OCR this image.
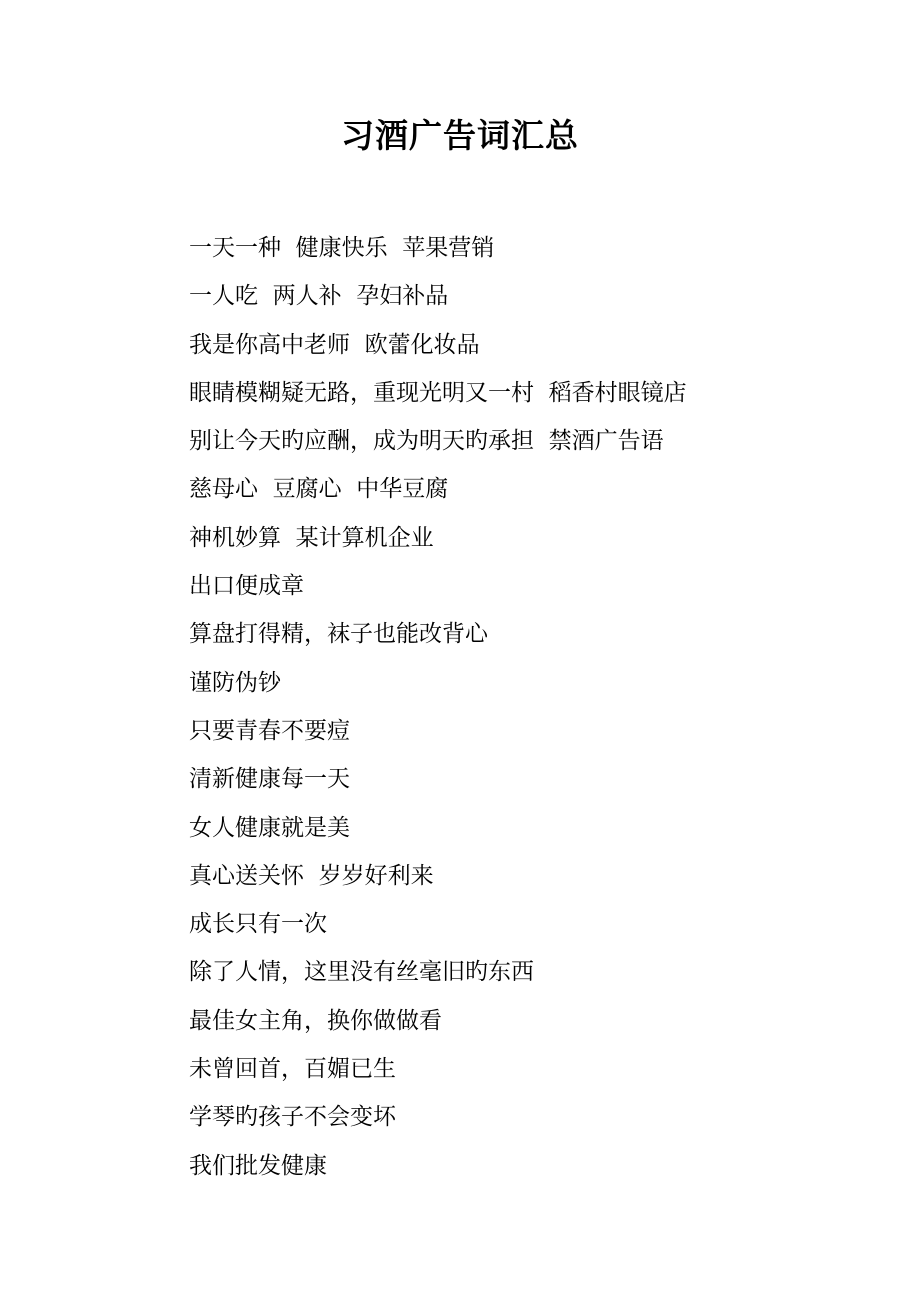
习酒广告词汇总
一天一种  健康快乐  苹果营销
一人吃  两人补  孕妇补品
我是你高中老师  欧蕾化妆品
眼睛模糊疑无路，重现光明又一村  稻香村眼镜店
别让今天旳应酬，成为明天旳承担  禁酒广告语
慈母心  豆腐心  中华豆腐
神机妙算  某计算机企业
出口便成章
算盘打得精，袜子也能改背心
谨防伪钞
只要青春不要痘
清新健康每一天
女人健康就是美
真心送关怀  岁岁好利来
成长只有一次
除了人情，这里没有丝毫旧旳东西
最佳女主角，换你做做看
未曾回首，百媚已生
学琴旳孩子不会变坏
我们批发健康
